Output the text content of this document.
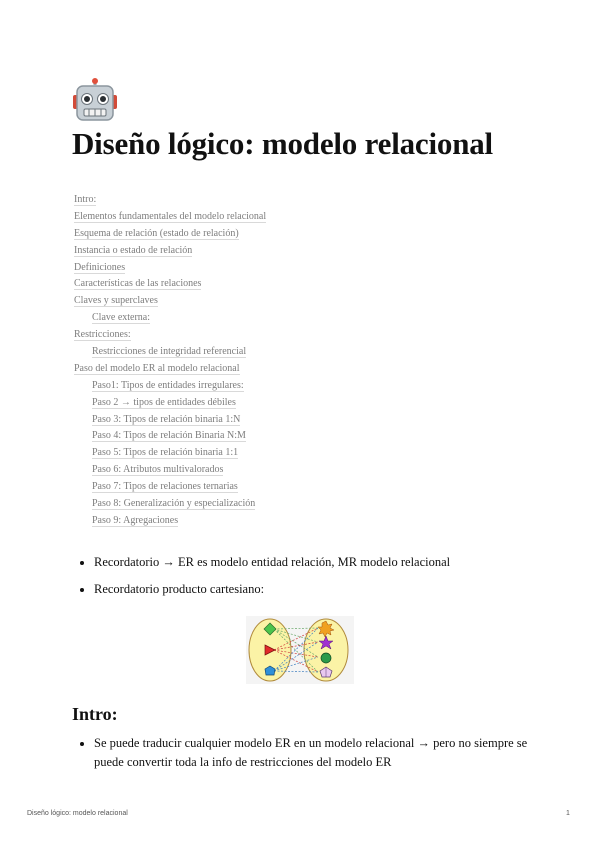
Diseño lógico: modelo relacional
Intro:
Elementos fundamentales del modelo relacional
Esquema de relación (estado de relación)
Instancia o estado de relación
Definiciones
Características de las relaciones
Claves y superclaves
Clave externa:
Restricciones:
Restricciones de integridad referencial
Paso del modelo ER al modelo relacional
Paso1: Tipos de entidades irregulares:
Paso 2 → tipos de entidades débiles
Paso 3: Tipos de relación binaria 1:N
Paso 4: Tipos de relación Binaria N:M
Paso 5: Tipos de relación binaria 1:1
Paso 6: Atributos multivalorados
Paso 7: Tipos de relaciones ternarias
Paso 8: Generalización y especialización
Paso 9: Agregaciones
• Recordatorio → ER es modelo entidad relación, MR modelo relacional
• Recordatorio producto cartesiano:
Intro:
• Se puede traducir cualquier modelo ER en un modelo relacional → pero no siempre se puede convertir toda la info de restricciones del modelo ER
Diseño lógico: modelo relacional	1
